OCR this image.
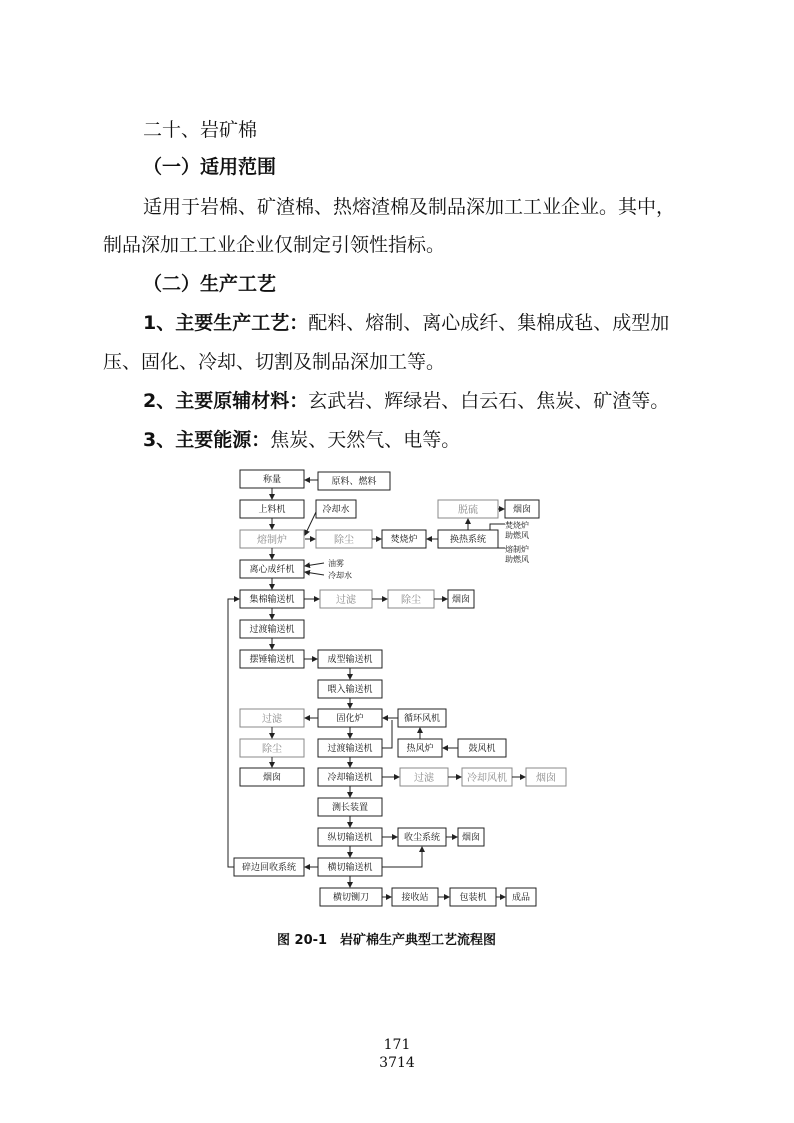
二十、岩矿棉
（一）适用范围
适用于岩棉、矿渣棉、热熔渣棉及制品深加工工业企业。其中，
制品深加工工业企业仅制定引领性指标。
（二）生产工艺
1、主要生产工艺：配料、熔制、离心成纤、集棉成毡、成型加
压、固化、冷却、切割及制品深加工等。
2、主要原辅材料：玄武岩、辉绿岩、白云石、焦炭、矿渣等。
3、主要能源：焦炭、天然气、电等。
称量	原料、燃料
上料机	冷却水	脱硫	烟囱
焚烧炉
助燃风
熔制炉	除尘	焚烧炉	换热系统
熔制炉
助燃风
离心成纤机
油雾
冷却水
集棉输送机	过滤	除尘	烟囱
过渡输送机
摆锤输送机	成型输送机
喂入输送机
过滤	固化炉	循环风机
除尘	过渡输送机	热风炉	鼓风机
烟囱	冷却输送机	过滤	冷却风机	烟囱
测长装置
纵切输送机	收尘系统 烟囱
碎边回收系统	横切输送机
横切铡刀	接收站	包装机	成品
图 20-1　岩矿棉生产典型工艺流程图
171
3714
